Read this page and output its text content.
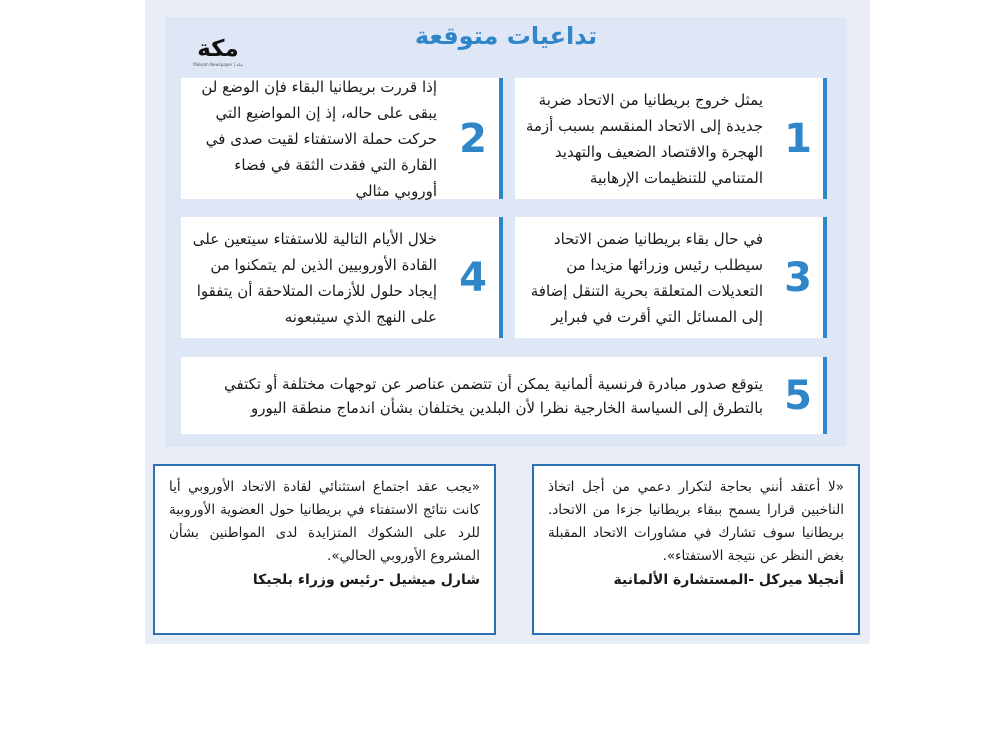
تداعيات متوقعة
مكة
Makkah Newspaper | مكة
1
يمثل خروج بريطانيا من الاتحاد ضربة جديدة إلى الاتحاد المنقسم بسبب أزمة الهجرة والاقتصاد الضعيف والتهديد المتنامي للتنظيمات الإرهابية
2
إذا قررت بريطانيا البقاء فإن الوضع لن يبقى على حاله، إذ إن المواضيع التي حركت حملة الاستفتاء لقيت صدى في القارة التي فقدت الثقة في فضاء أوروبي مثالي
3
في حال بقاء بريطانيا ضمن الاتحاد سيطلب رئيس وزرائها مزيدا من التعديلات المتعلقة بحرية التنقل إضافة إلى المسائل التي أقرت في فبراير
4
خلال الأيام التالية للاستفتاء سيتعين على القادة الأوروبيين الذين لم يتمكنوا من إيجاد حلول للأزمات المتلاحقة أن يتفقوا على النهج الذي سيتبعونه
5
يتوقع صدور مبادرة فرنسية ألمانية يمكن أن تتضمن عناصر عن توجهات مختلفة أو تكتفي بالتطرق إلى السياسة الخارجية نظرا لأن البلدين يختلفان بشأن اندماج منطقة اليورو
«لا أعتقد أنني بحاجة لتكرار دعمي من أجل اتخاذ الناخبين قرارا يسمح ببقاء بريطانيا جزءا من الاتحاد. بريطانيا سوف تشارك في مشاورات الاتحاد المقبلة بغض النظر عن نتيجة الاستفتاء».
أنجيلا ميركل -المستشارة الألمانية
«يجب عقد اجتماع استثنائي لقادة الاتحاد الأوروبي أيا كانت نتائج الاستفتاء في بريطانيا حول العضوية الأوروبية للرد على الشكوك المتزايدة لدى المواطنين بشأن المشروع الأوروبي الحالي».
شارل ميشيل -رئيس وزراء بلجيكا
